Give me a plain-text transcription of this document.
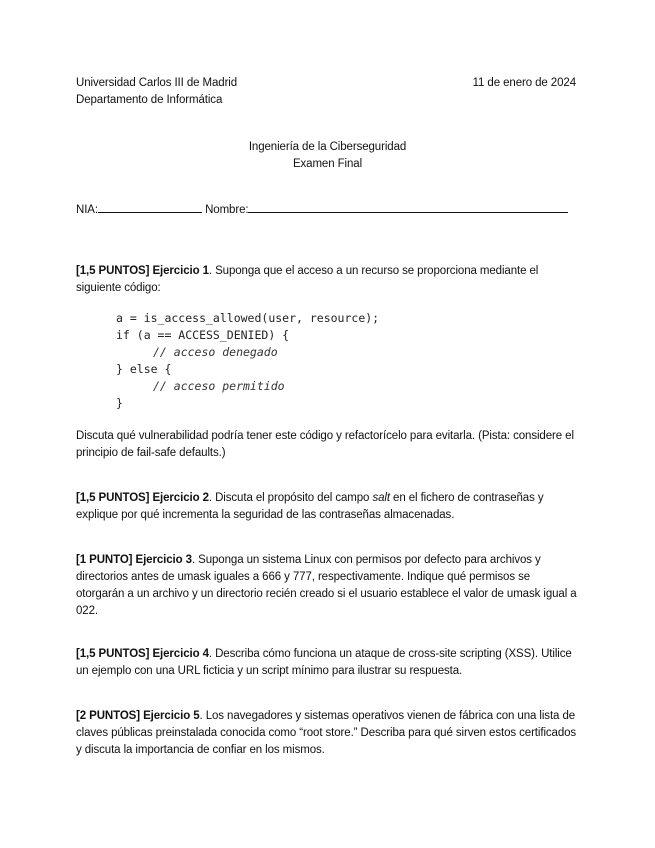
Universidad Carlos III de Madrid
Departamento de Informática
11 de enero de 2024
Ingeniería de la Ciberseguridad
Examen Final
NIA:	Nombre:
[1,5 PUNTOS] Ejercicio 1. Suponga que el acceso a un recurso se proporciona mediante el siguiente código:
a = is_access_allowed(user, resource);
if (a == ACCESS_DENIED) {
// acceso denegado
} else {
// acceso permitido
}
Discuta qué vulnerabilidad podría tener este código y refactorícelo para evitarla. (Pista: considere el principio de fail-safe defaults.)
[1,5 PUNTOS] Ejercicio 2. Discuta el propósito del campo salt en el fichero de contraseñas y explique por qué incrementa la seguridad de las contraseñas almacenadas.
[1 PUNTO] Ejercicio 3. Suponga un sistema Linux con permisos por defecto para archivos y directorios antes de umask iguales a 666 y 777, respectivamente. Indique qué permisos se otorgarán a un archivo y un directorio recién creado si el usuario establece el valor de umask igual a 022.
[1,5 PUNTOS] Ejercicio 4. Describa cómo funciona un ataque de cross-site scripting (XSS). Utilice un ejemplo con una URL ficticia y un script mínimo para ilustrar su respuesta.
[2 PUNTOS] Ejercicio 5. Los navegadores y sistemas operativos vienen de fábrica con una lista de claves públicas preinstalada conocida como “root store.” Describa para qué sirven estos certificados y discuta la importancia de confiar en los mismos.
